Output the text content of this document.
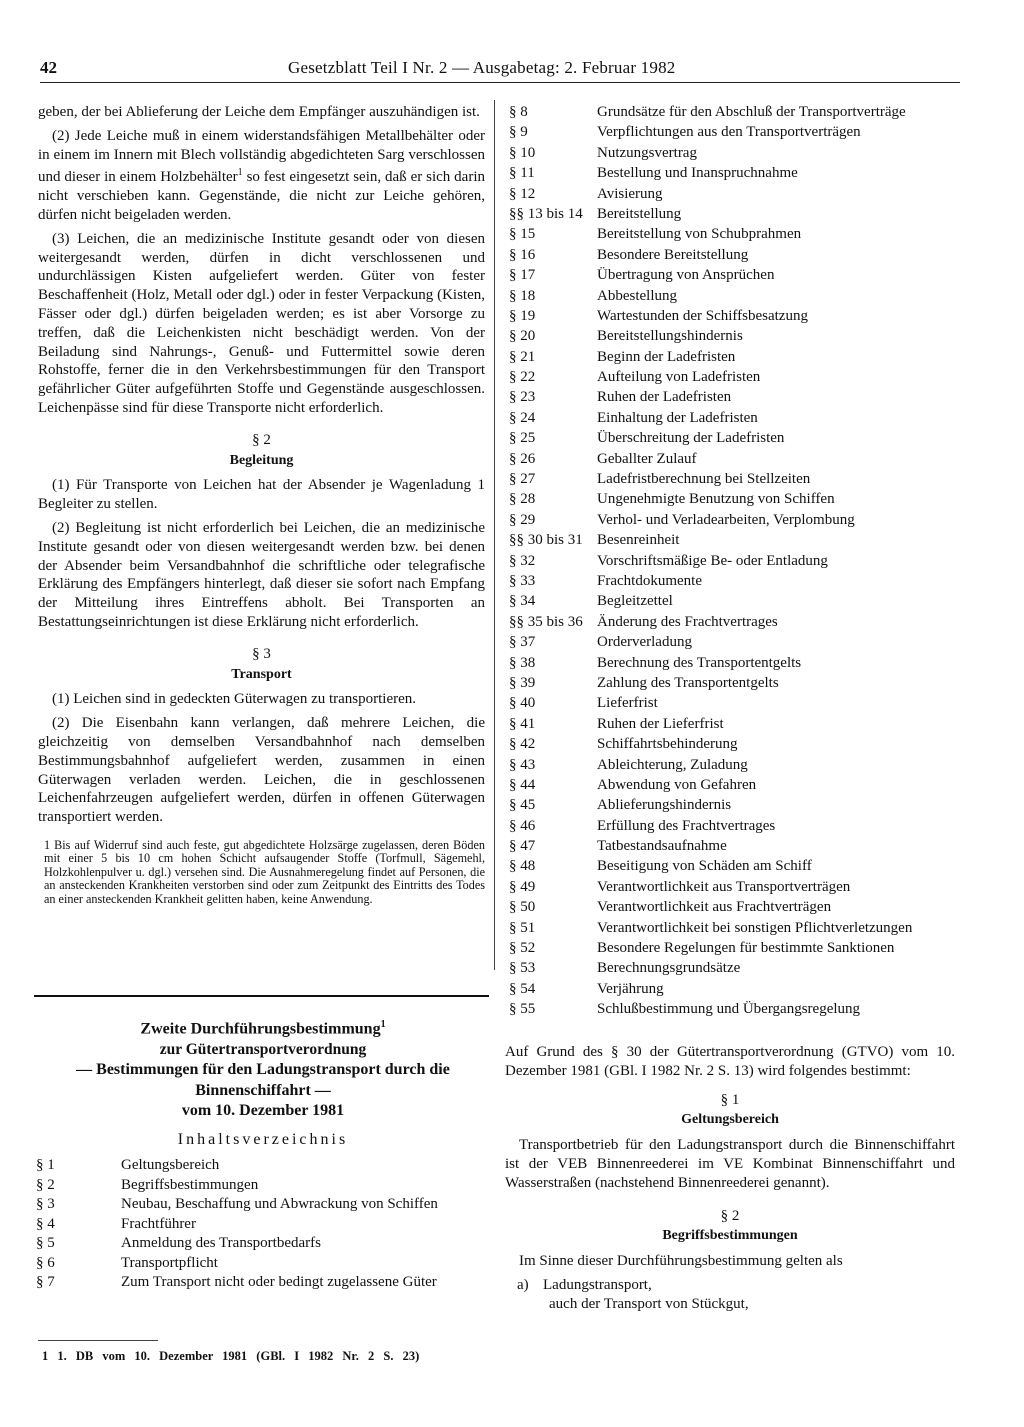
42	Gesetzblatt Teil I Nr. 2 — Ausgabetag: 2. Februar 1982

geben, der bei Ablieferung der Leiche dem Empfänger auszuhändigen ist.

(2) Jede Leiche muß in einem widerstandsfähigen Metallbehälter oder in einem im Innern mit Blech vollständig abgedichteten Sarg verschlossen und dieser in einem Holzbehälter$^1$ so fest eingesetzt sein, daß er sich darin nicht verschieben kann. Gegenstände, die nicht zur Leiche gehören, dürfen nicht beigeladen werden.

(3) Leichen, die an medizinische Institute gesandt oder von diesen weitergesandt werden, dürfen in dicht verschlossenen und undurchlässigen Kisten aufgeliefert werden. Güter von fester Beschaffenheit (Holz, Metall oder dgl.) oder in fester Verpackung (Kisten, Fässer oder dgl.) dürfen beigeladen werden; es ist aber Vorsorge zu treffen, daß die Leichenkisten nicht beschädigt werden. Von der Beiladung sind Nahrungs-, Genuß- und Futtermittel sowie deren Rohstoffe, ferner die in den Verkehrsbestimmungen für den Transport gefährlicher Güter aufgeführten Stoffe und Gegenstände ausgeschlossen. Leichenpässe sind für diese Transporte nicht erforderlich.

§ 2
Begleitung

(1) Für Transporte von Leichen hat der Absender je Wagenladung 1 Begleiter zu stellen.

(2) Begleitung ist nicht erforderlich bei Leichen, die an medizinische Institute gesandt oder von diesen weitergesandt werden bzw. bei denen der Absender beim Versandbahnhof die schriftliche oder telegrafische Erklärung des Empfängers hinterlegt, daß dieser sie sofort nach Empfang der Mitteilung ihres Eintreffens abholt. Bei Transporten an Bestattungseinrichtungen ist diese Erklärung nicht erforderlich.

§ 3
Transport

(1) Leichen sind in gedeckten Güterwagen zu transportieren.

(2) Die Eisenbahn kann verlangen, daß mehrere Leichen, die gleichzeitig von demselben Versandbahnhof nach demselben Bestimmungsbahnhof aufgeliefert werden, zusammen in einen Güterwagen verladen werden. Leichen, die in geschlossenen Leichenfahrzeugen aufgeliefert werden, dürfen in offenen Güterwagen transportiert werden.

1 Bis auf Widerruf sind auch feste, gut abgedichtete Holzsärge zugelassen, deren Böden mit einer 5 bis 10 cm hohen Schicht aufsaugender Stoffe (Torfmull, Sägemehl, Holzkohlenpulver u. dgl.) versehen sind. Die Ausnahmeregelung findet auf Personen, die an ansteckenden Krankheiten verstorben sind oder zum Zeitpunkt des Eintritts des Todes an einer ansteckenden Krankheit gelitten haben, keine Anwendung.
Zweite Durchführungsbestimmung$^1$
zur Gütertransportverordnung
— Bestimmungen für den Ladungstransport durch die
Binnenschiffahrt —
vom 10. Dezember 1981
Inhaltsverzeichnis
§ 1	Geltungsbereich
§ 2	Begriffsbestimmungen
§ 3	Neubau, Beschaffung und Abwrackung von Schiffen
§ 4	Frachtführer
§ 5	Anmeldung des Transportbedarfs
§ 6	Transportpflicht
§ 7	Zum Transport nicht oder bedingt zugelassene Güter
1 1. DB vom 10. Dezember 1981 (GBl. I 1982 Nr. 2 S. 23)
§ 8	Grundsätze für den Abschluß der Transportverträge
§ 9	Verpflichtungen aus den Transportverträgen
§ 10	Nutzungsvertrag
§ 11	Bestellung und Inanspruchnahme
§ 12	Avisierung
§§ 13 bis 14 Bereitstellung
§ 15	Bereitstellung von Schubprahmen
§ 16	Besondere Bereitstellung
§ 17	Übertragung von Ansprüchen
§ 18	Abbestellung
§ 19	Wartestunden der Schiffsbesatzung
§ 20	Bereitstellungshindernis
§ 21	Beginn der Ladefristen
§ 22	Aufteilung von Ladefristen
§ 23	Ruhen der Ladefristen
§ 24	Einhaltung der Ladefristen
§ 25	Überschreitung der Ladefristen
§ 26	Geballter Zulauf
§ 27	Ladefristberechnung bei Stellzeiten
§ 28	Ungenehmigte Benutzung von Schiffen
§ 29	Verhol- und Verladearbeiten, Verplombung
§§ 30 bis 31 Besenreinheit
§ 32	Vorschriftsmäßige Be- oder Entladung
§ 33	Frachtdokumente
§ 34	Begleitzettel
§§ 35 bis 36 Änderung des Frachtvertrages
§ 37	Orderverladung
§ 38	Berechnung des Transportentgelts
§ 39	Zahlung des Transportentgelts
§ 40	Lieferfrist
§ 41	Ruhen der Lieferfrist
§ 42	Schiffahrtsbehinderung
§ 43	Ableichterung, Zuladung
§ 44	Abwendung von Gefahren
§ 45	Ablieferungshindernis
§ 46	Erfüllung des Frachtvertrages
§ 47	Tatbestandsaufnahme
§ 48	Beseitigung von Schäden am Schiff
§ 49	Verantwortlichkeit aus Transportverträgen
§ 50	Verantwortlichkeit aus Frachtverträgen
§ 51	Verantwortlichkeit bei sonstigen Pflichtverletzungen
§ 52	Besondere Regelungen für bestimmte Sanktionen
§ 53	Berechnungsgrundsätze
§ 54	Verjährung
§ 55	Schlußbestimmung und Übergangsregelung

Auf Grund des § 30 der Gütertransportverordnung (GTVO) vom 10. Dezember 1981 (GBl. I 1982 Nr. 2 S. 13) wird folgendes bestimmt:

§ 1
Geltungsbereich

Transportbetrieb für den Ladungstransport durch die Binnenschiffahrt ist der VEB Binnenreederei im VE Kombinat Binnenschiffahrt und Wasserstraßen (nachstehend Binnenreederei genannt).

§ 2
Begriffsbestimmungen

Im Sinne dieser Durchführungsbestimmung gelten als

a) Ladungstransport,
auch der Transport von Stückgut,
